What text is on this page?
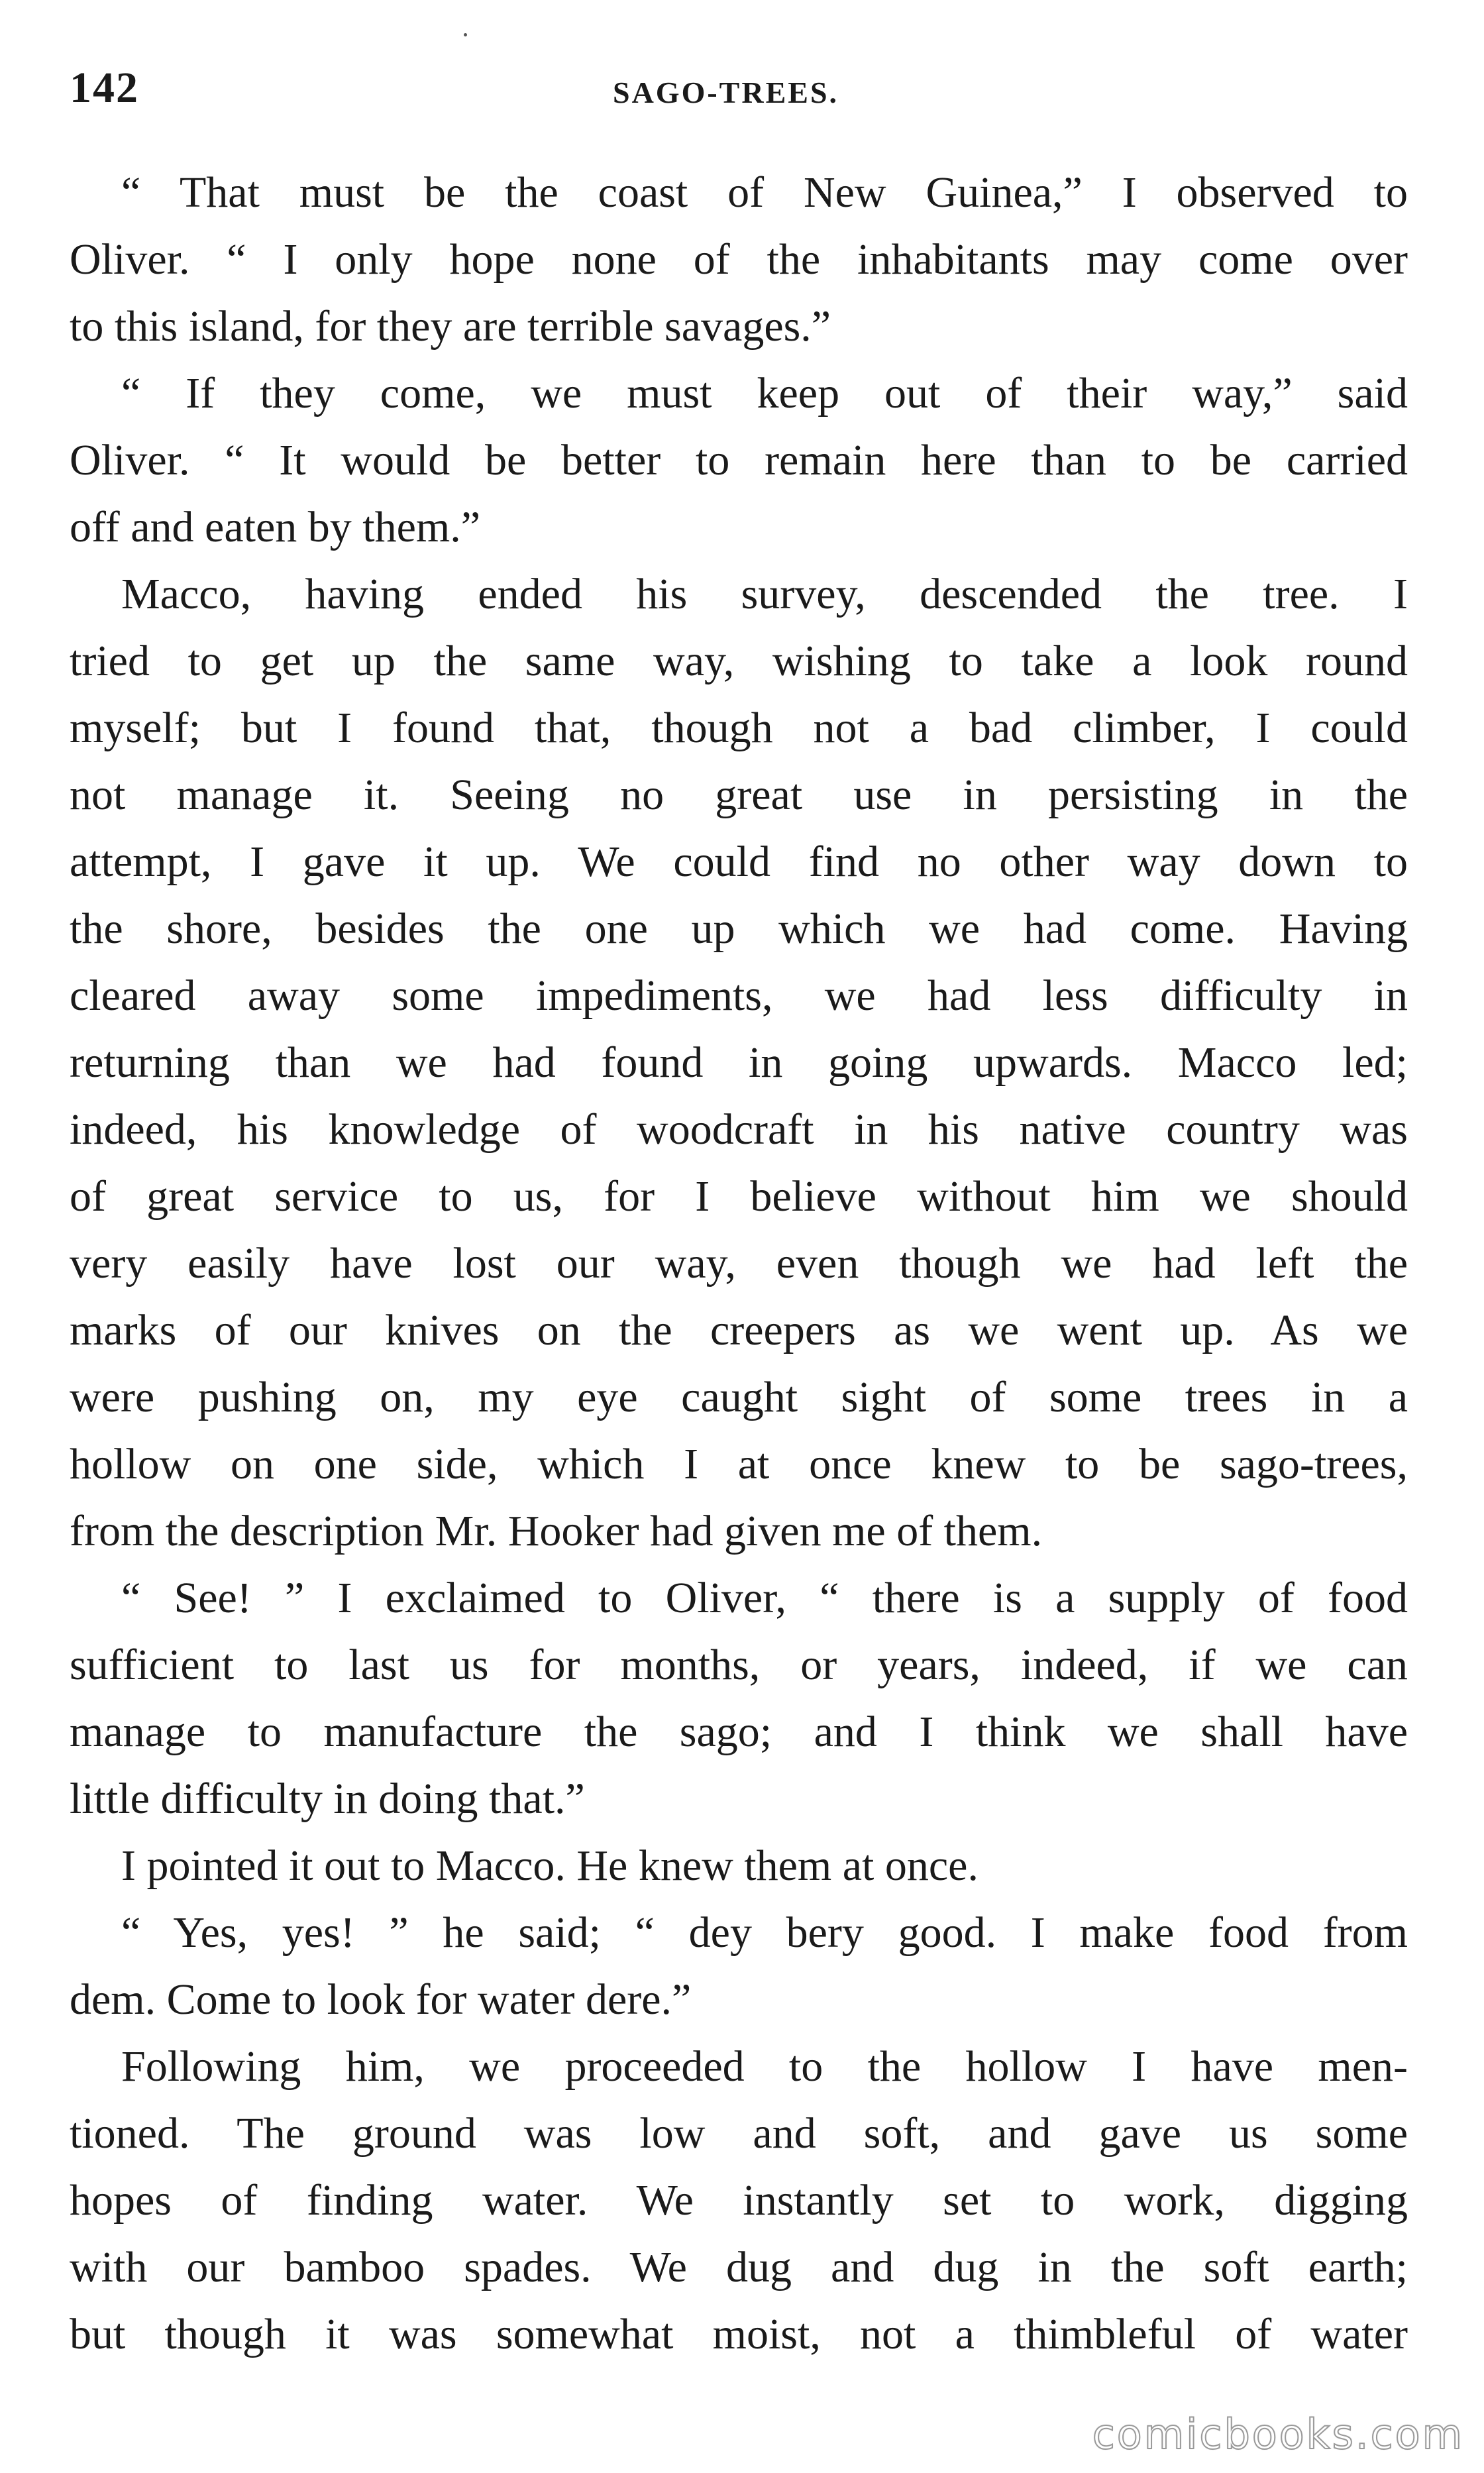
142	SAGO-TREES.
“ That must be the coast of New Guinea,” I observed to
Oliver. “ I only hope none of the inhabitants may come over
to this island, for they are terrible savages.”
“ If they come, we must keep out of their way,” said
Oliver. “ It would be better to remain here than to be carried
off and eaten by them.”
Macco, having ended his survey, descended the tree. I
tried to get up the same way, wishing to take a look round
myself; but I found that, though not a bad climber, I could
not manage it. Seeing no great use in persisting in the
attempt, I gave it up. We could find no other way down to
the shore, besides the one up which we had come. Having
cleared away some impediments, we had less difficulty in
returning than we had found in going upwards. Macco led;
indeed, his knowledge of woodcraft in his native country was
of great service to us, for I believe without him we should
very easily have lost our way, even though we had left the
marks of our knives on the creepers as we went up. As we
were pushing on, my eye caught sight of some trees in a
hollow on one side, which I at once knew to be sago-trees,
from the description Mr. Hooker had given me of them.
“ See! ” I exclaimed to Oliver, “ there is a supply of food
sufficient to last us for months, or years, indeed, if we can
manage to manufacture the sago; and I think we shall have
little difficulty in doing that.”
I pointed it out to Macco. He knew them at once.
“ Yes, yes! ” he said; “ dey bery good. I make food from
dem. Come to look for water dere.”
Following him, we proceeded to the hollow I have men-
tioned. The ground was low and soft, and gave us some
hopes of finding water. We instantly set to work, digging
with our bamboo spades. We dug and dug in the soft earth;
but though it was somewhat moist, not a thimbleful of water
comicbooks.com
